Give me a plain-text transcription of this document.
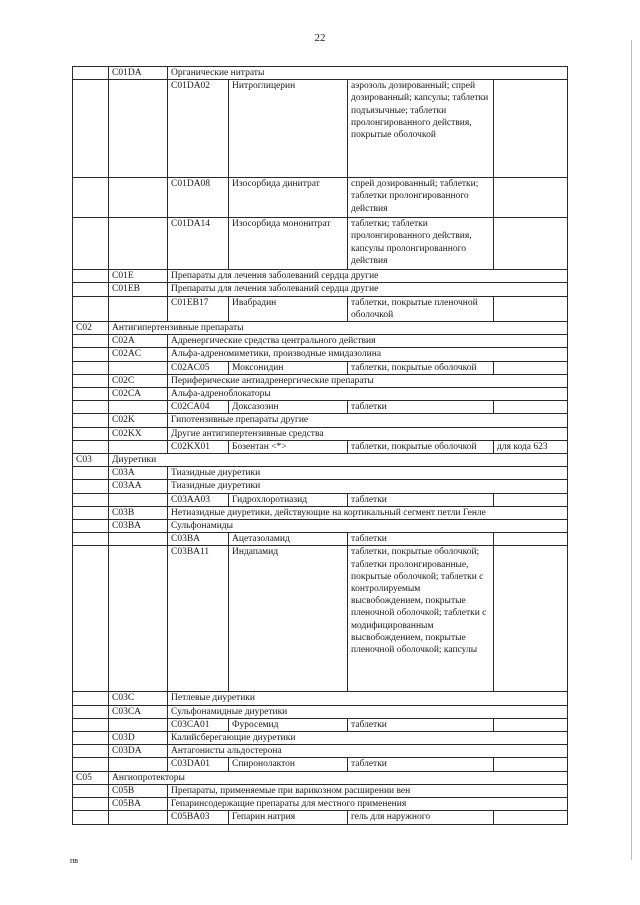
22
	C01DA	Органические нитраты			
		C01DA02	Нитроглицерин	аэрозоль дозированный; спрей дозированный; капсулы; таблетки подъязычные; таблетки пролонгированного действия, покрытые оболочкой	
		C01DA08	Изосорбида динитрат	спрей дозированный; таблетки; таблетки пролонгированного действия	
		C01DA14	Изосорбида мононитрат	таблетки; таблетки пролонгированного действия, капсулы пролонгированного действия	
	C01E	Препараты для лечения заболеваний сердца другие			
	C01EB	Препараты для лечения заболеваний сердца другие			
		C01EB17	Ивабрадин	таблетки, покрытые пленочной оболочкой	
C02	Антигипертензивные препараты				
	C02A	Адренергические средства центрального действия			
	C02AC	Альфа-адреномиметики, производные имидазолина			
		C02AC05	Моксонидин	таблетки, покрытые оболочкой	
	C02C	Периферические антиадренергические препараты			
	C02CA	Альфа-адреноблокаторы			
		C02CA04	Доксазозин	таблетки	
	C02K	Гипотензивные препараты другие			
	C02KX	Другие антигипертензивные средства			
		C02KX01	Бозентан <*>	таблетки, покрытые оболочкой	для кода 623
C03	Диуретики				
	C03A	Тиазидные диуретики			
	C03AA	Тиазидные диуретики			
		C03AA03	Гидрохлоротиазид	таблетки	
	C03B	Нетиазидные диуретики, действующие на кортикальный сегмент петли Генле			
	C03BA	Сульфонамиды			
		C03BA	Ацетазоламид	таблетки	
		C03BA11	Индапамид	таблетки, покрытые оболочкой; таблетки пролонгированные, покрытые оболочкой; таблетки с контролируемым высвобождением, покрытые пленочной оболочкой; таблетки с модифицированным высвобождением, покрытые пленочной оболочкой; капсулы	
	C03C	Петлевые диуретики			
	C03CA	Сульфонамидные диуретики			
		C03CA01	Фуросемид	таблетки	
	C03D	Калийсберегающие диуретики			
	C03DA	Антагонисты альдостерона			
		C03DA01	Спиронолактон	таблетки	
C05	Ангиопротекторы				
	C05B	Препараты, применяемые при варикозном расширении вен			
	C05BA	Гепаринсодержащие препараты для местного применения			
		C05BA03	Гепарин натрия	гель для наружного	
пв
